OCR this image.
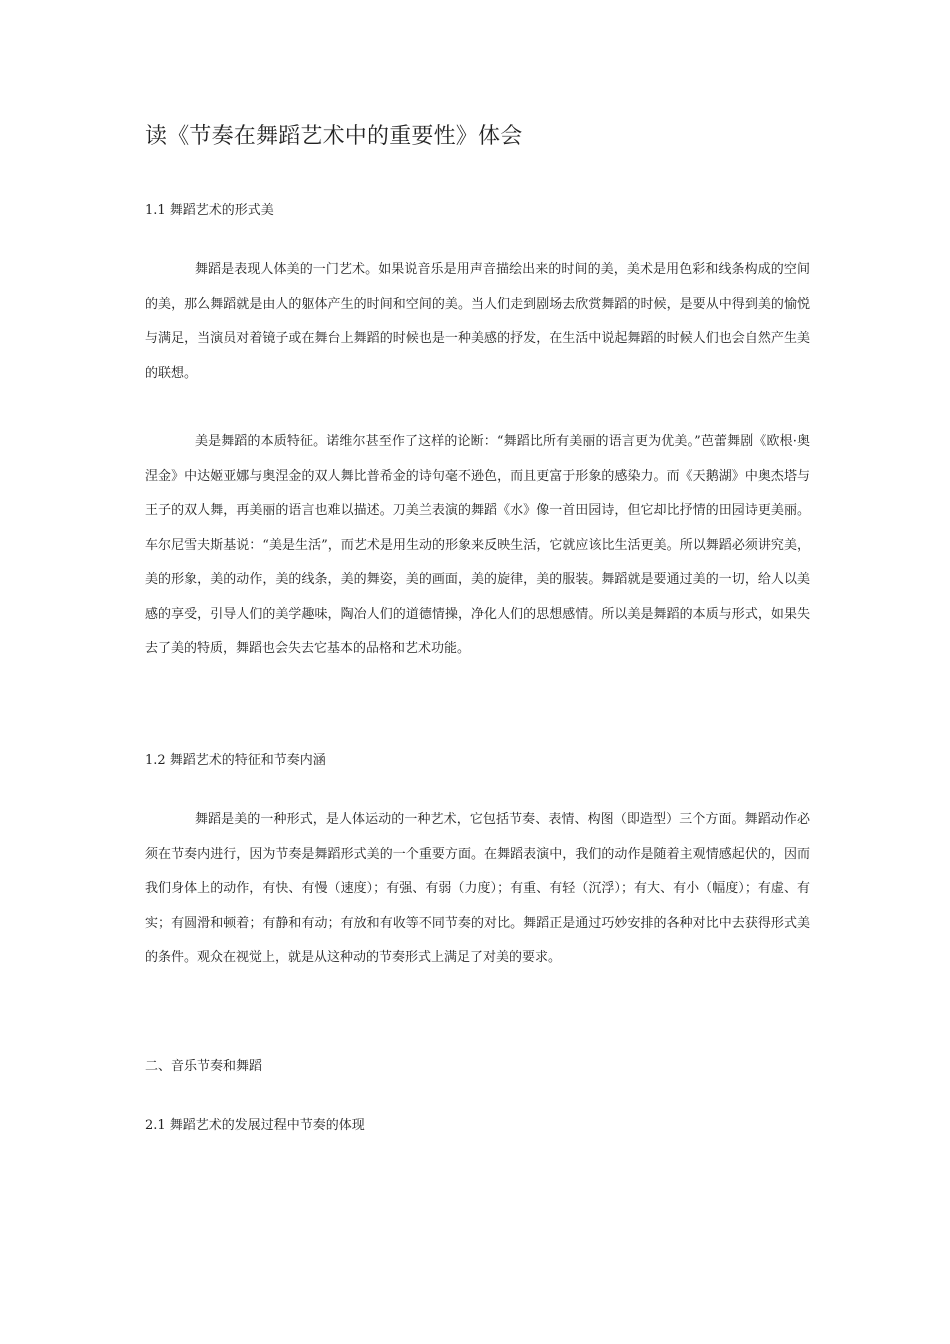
读《节奏在舞蹈艺术中的重要性》体会
1.1 舞蹈艺术的形式美

舞蹈是表现人体美的一门艺术。如果说音乐是用声音描绘出来的时间的美，美术是用色彩和线条构成的空间的美，那么舞蹈就是由人的躯体产生的时间和空间的美。当人们走到剧场去欣赏舞蹈的时候，是要从中得到美的愉悦与满足，当演员对着镜子或在舞台上舞蹈的时候也是一种美感的抒发，在生活中说起舞蹈的时候人们也会自然产生美的联想。

美是舞蹈的本质特征。诺维尔甚至作了这样的论断：“舞蹈比所有美丽的语言更为优美。”芭蕾舞剧《欧根·奥涅金》中达姬亚娜与奥涅金的双人舞比普希金的诗句毫不逊色，而且更富于形象的感染力。而《天鹅湖》中奥杰塔与王子的双人舞，再美丽的语言也难以描述。刀美兰表演的舞蹈《水》像一首田园诗，但它却比抒情的田园诗更美丽。车尔尼雪夫斯基说：“美是生活”，而艺术是用生动的形象来反映生活，它就应该比生活更美。所以舞蹈必须讲究美，美的形象，美的动作，美的线条，美的舞姿，美的画面，美的旋律，美的服装。舞蹈就是要通过美的一切，给人以美感的享受，引导人们的美学趣味，陶冶人们的道德情操，净化人们的思想感情。所以美是舞蹈的本质与形式，如果失去了美的特质，舞蹈也会失去它基本的品格和艺术功能。

1.2 舞蹈艺术的特征和节奏内涵

舞蹈是美的一种形式，是人体运动的一种艺术，它包括节奏、表情、构图（即造型）三个方面。舞蹈动作必须在节奏内进行，因为节奏是舞蹈形式美的一个重要方面。在舞蹈表演中，我们的动作是随着主观情感起伏的，因而我们身体上的动作，有快、有慢（速度）；有强、有弱（力度）；有重、有轻（沉浮）；有大、有小（幅度）；有虚、有实；有圆滑和顿着；有静和有动；有放和有收等不同节奏的对比。舞蹈正是通过巧妙安排的各种对比中去获得形式美的条件。观众在视觉上，就是从这种动的节奏形式上满足了对美的要求。

二、音乐节奏和舞蹈
2.1 舞蹈艺术的发展过程中节奏的体现
